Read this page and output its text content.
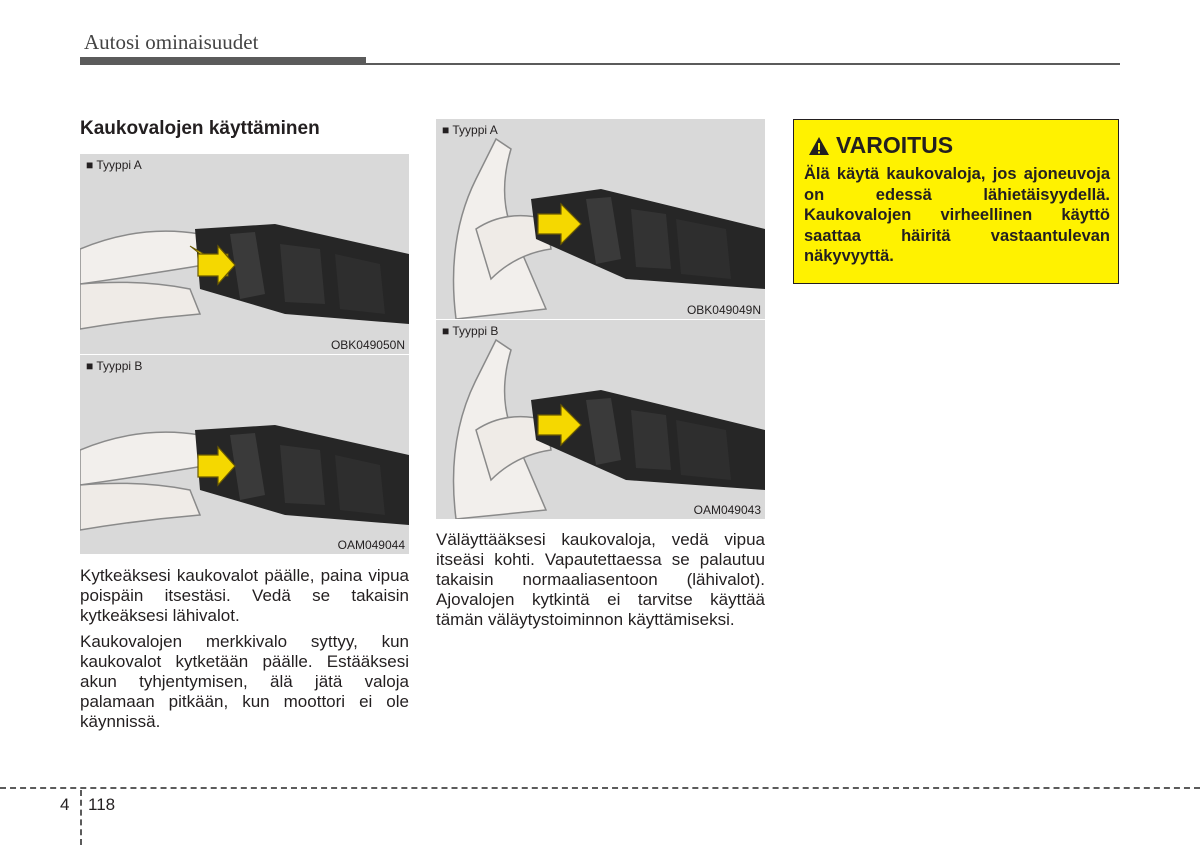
Autosi ominaisuudet
Kaukovalojen käyttäminen
■ Tyyppi A
OBK049050N
■ Tyyppi B
OAM049044
■ Tyyppi A
OBK049049N
■ Tyyppi B
OAM049043

Kytkeäksesi kaukovalot päälle, paina vipua poispäin itsestäsi. Vedä se takaisin kytkeäksesi lähivalot.

Kaukovalojen merkkivalo syttyy, kun kaukovalot kytketään päälle. Estääksesi akun tyhjentymisen, älä jätä valoja palamaan pitkään, kun moottori ei ole käynnissä.

Väläyttääksesi kaukovaloja, vedä vipua itseäsi kohti. Vapautettaessa se palautuu takaisin normaaliasentoon (lähivalot). Ajovalojen kytkintä ei tarvitse käyttää tämän väläytystoiminnon käyttämiseksi.

VAROITUS
Älä käytä kaukovaloja, jos ajoneuvoja on edessä lähietäisyydellä. Kaukovalojen virheellinen käyttö saattaa häiritä vastaantulevan näkyvyyttä.
4 118
